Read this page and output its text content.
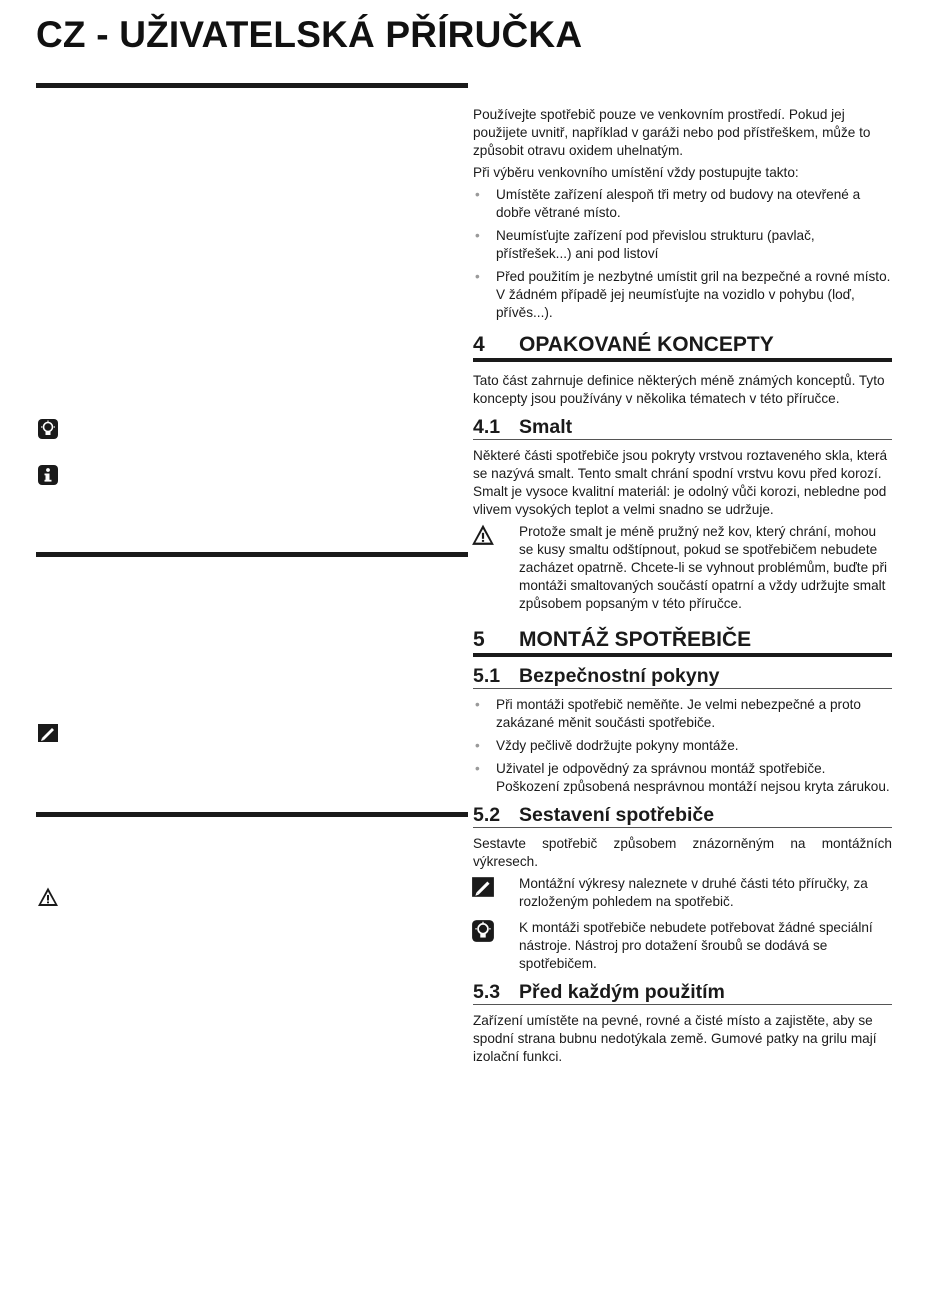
CZ - UŽIVATELSKÁ PŘÍRUČKA

Používejte spotřebič pouze ve venkovním prostředí. Pokud jej použijete uvnitř, například v garáži nebo pod přístřeškem, může to způsobit otravu oxidem uhelnatým.

Při výběru venkovního umístění vždy postupujte takto:

• Umístěte zařízení alespoň tři metry od budovy na otevřené a dobře větrané místo.
• Neumísťujte zařízení pod převislou strukturu (pavlač, přístřešek...) ani pod listoví
• Před použitím je nezbytné umístit gril na bezpečné a rovné místo. V žádném případě jej neumísťujte na vozidlo v pohybu (loď, přívěs...).
4	OPAKOVANÉ KONCEPTY

Tato část zahrnuje definice některých méně známých konceptů. Tyto koncepty jsou používány v několika tématech v této příručce.

4.1 Smalt

Některé části spotřebiče jsou pokryty vrstvou roztaveného skla, která se nazývá smalt. Tento smalt chrání spodní vrstvu kovu před korozí. Smalt je vysoce kvalitní materiál: je odolný vůči korozi, nebledne pod vlivem vysokých teplot a velmi snadno se udržuje.

Protože smalt je méně pružný než kov, který chrání, mohou se kusy smaltu odštípnout, pokud se spotřebičem nebudete zacházet opatrně. Chcete-li se vyhnout problémům, buďte při montáži smaltovaných součástí opatrní a vždy udržujte smalt způsobem popsaným v této příručce.
5	MONTÁŽ SPOTŘEBIČE
5.1 Bezpečnostní pokyny
• Při montáži spotřebič neměňte. Je velmi nebezpečné a proto zakázané měnit součásti spotřebiče.
• Vždy pečlivě dodržujte pokyny montáže.
• Uživatel je odpovědný za správnou montáž spotřebiče. Poškození způsobená nesprávnou montáží nejsou kryta zárukou.
5.2 Sestavení spotřebiče

Sestavte spotřebič způsobem znázorněným na montážních výkresech.

Montážní výkresy naleznete v druhé části této příručky, za rozloženým pohledem na spotřebič.
K montáži spotřebiče nebudete potřebovat žádné speciální nástroje. Nástroj pro dotažení šroubů se dodává se spotřebičem.
5.3 Před každým použitím

Zařízení umístěte na pevné, rovné a čisté místo a zajistěte, aby se spodní strana bubnu nedotýkala země. Gumové patky na grilu mají izolační funkci.
